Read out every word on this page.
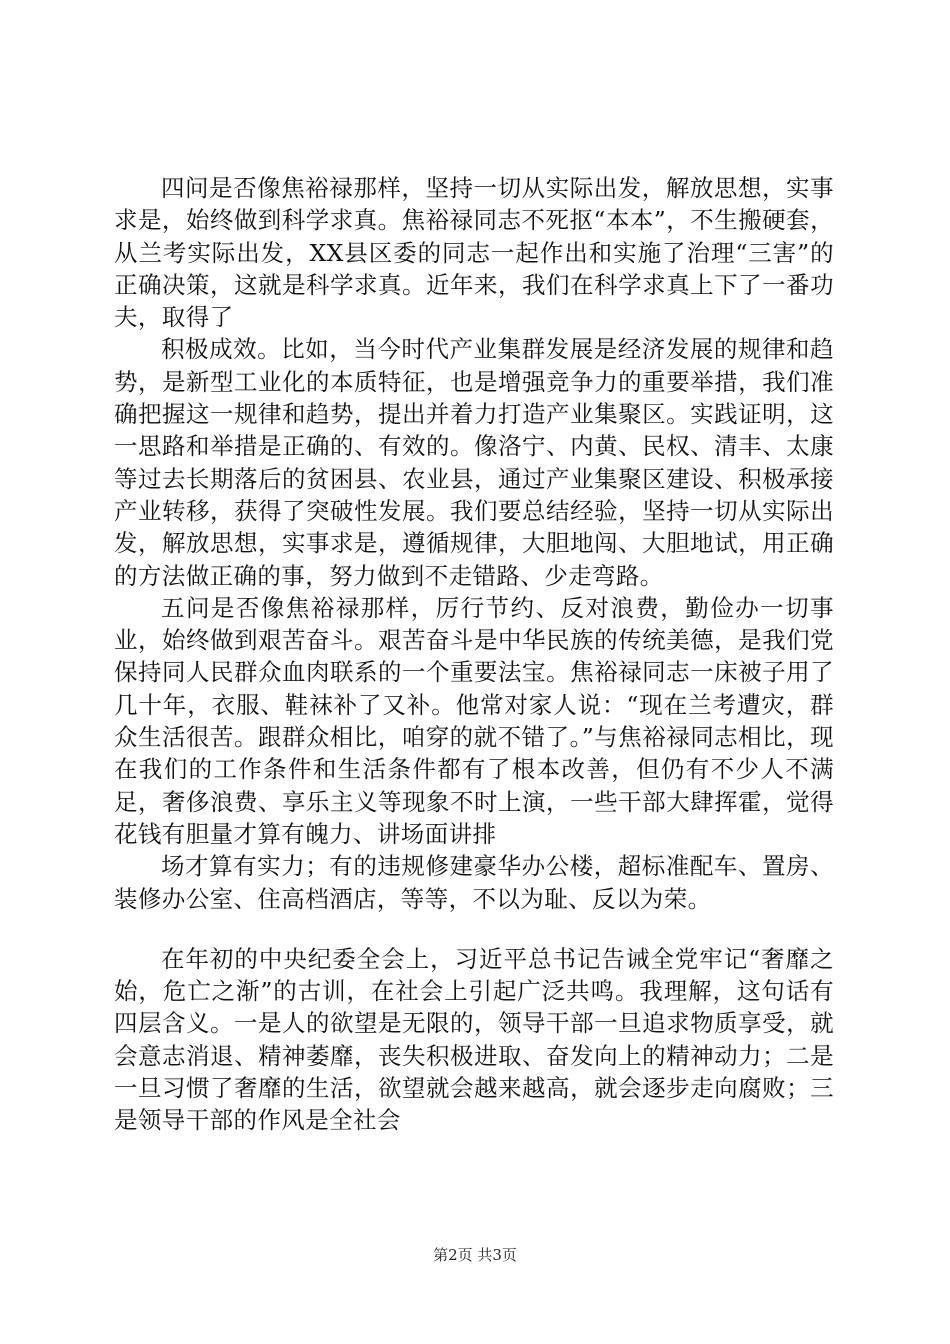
四问是否像焦裕禄那样，坚持一切从实际出发，解放思想，实事求是，始终做到科学求真。焦裕禄同志不死抠“本本”，不生搬硬套，从兰考实际出发，XX县区委的同志一起作出和实施了治理“三害”的正确决策，这就是科学求真。近年来，我们在科学求真上下了一番功夫，取得了

积极成效。比如，当今时代产业集群发展是经济发展的规律和趋势，是新型工业化的本质特征，也是增强竞争力的重要举措，我们准确把握这一规律和趋势，提出并着力打造产业集聚区。实践证明，这一思路和举措是正确的、有效的。像洛宁、内黄、民权、清丰、太康等过去长期落后的贫困县、农业县，通过产业集聚区建设、积极承接产业转移，获得了突破性发展。我们要总结经验，坚持一切从实际出发，解放思想，实事求是，遵循规律，大胆地闯、大胆地试，用正确的方法做正确的事，努力做到不走错路、少走弯路。

五问是否像焦裕禄那样，厉行节约、反对浪费，勤俭办一切事业，始终做到艰苦奋斗。艰苦奋斗是中华民族的传统美德，是我们党保持同人民群众血肉联系的一个重要法宝。焦裕禄同志一床被子用了几十年，衣服、鞋袜补了又补。他常对家人说：“现在兰考遭灾，群众生活很苦。跟群众相比，咱穿的就不错了。”与焦裕禄同志相比，现在我们的工作条件和生活条件都有了根本改善，但仍有不少人不满足，奢侈浪费、享乐主义等现象不时上演，一些干部大肆挥霍，觉得花钱有胆量才算有魄力、讲场面讲排

场才算有实力；有的违规修建豪华办公楼，超标准配车、置房、装修办公室、住高档酒店，等等，不以为耻、反以为荣。

在年初的中央纪委全会上，习近平总书记告诫全党牢记“奢靡之始，危亡之渐”的古训，在社会上引起广泛共鸣。我理解，这句话有四层含义。一是人的欲望是无限的，领导干部一旦追求物质享受，就会意志消退、精神萎靡，丧失积极进取、奋发向上的精神动力；二是一旦习惯了奢靡的生活，欲望就会越来越高，就会逐步走向腐败；三是领导干部的作风是全社会

第2页 共3页
